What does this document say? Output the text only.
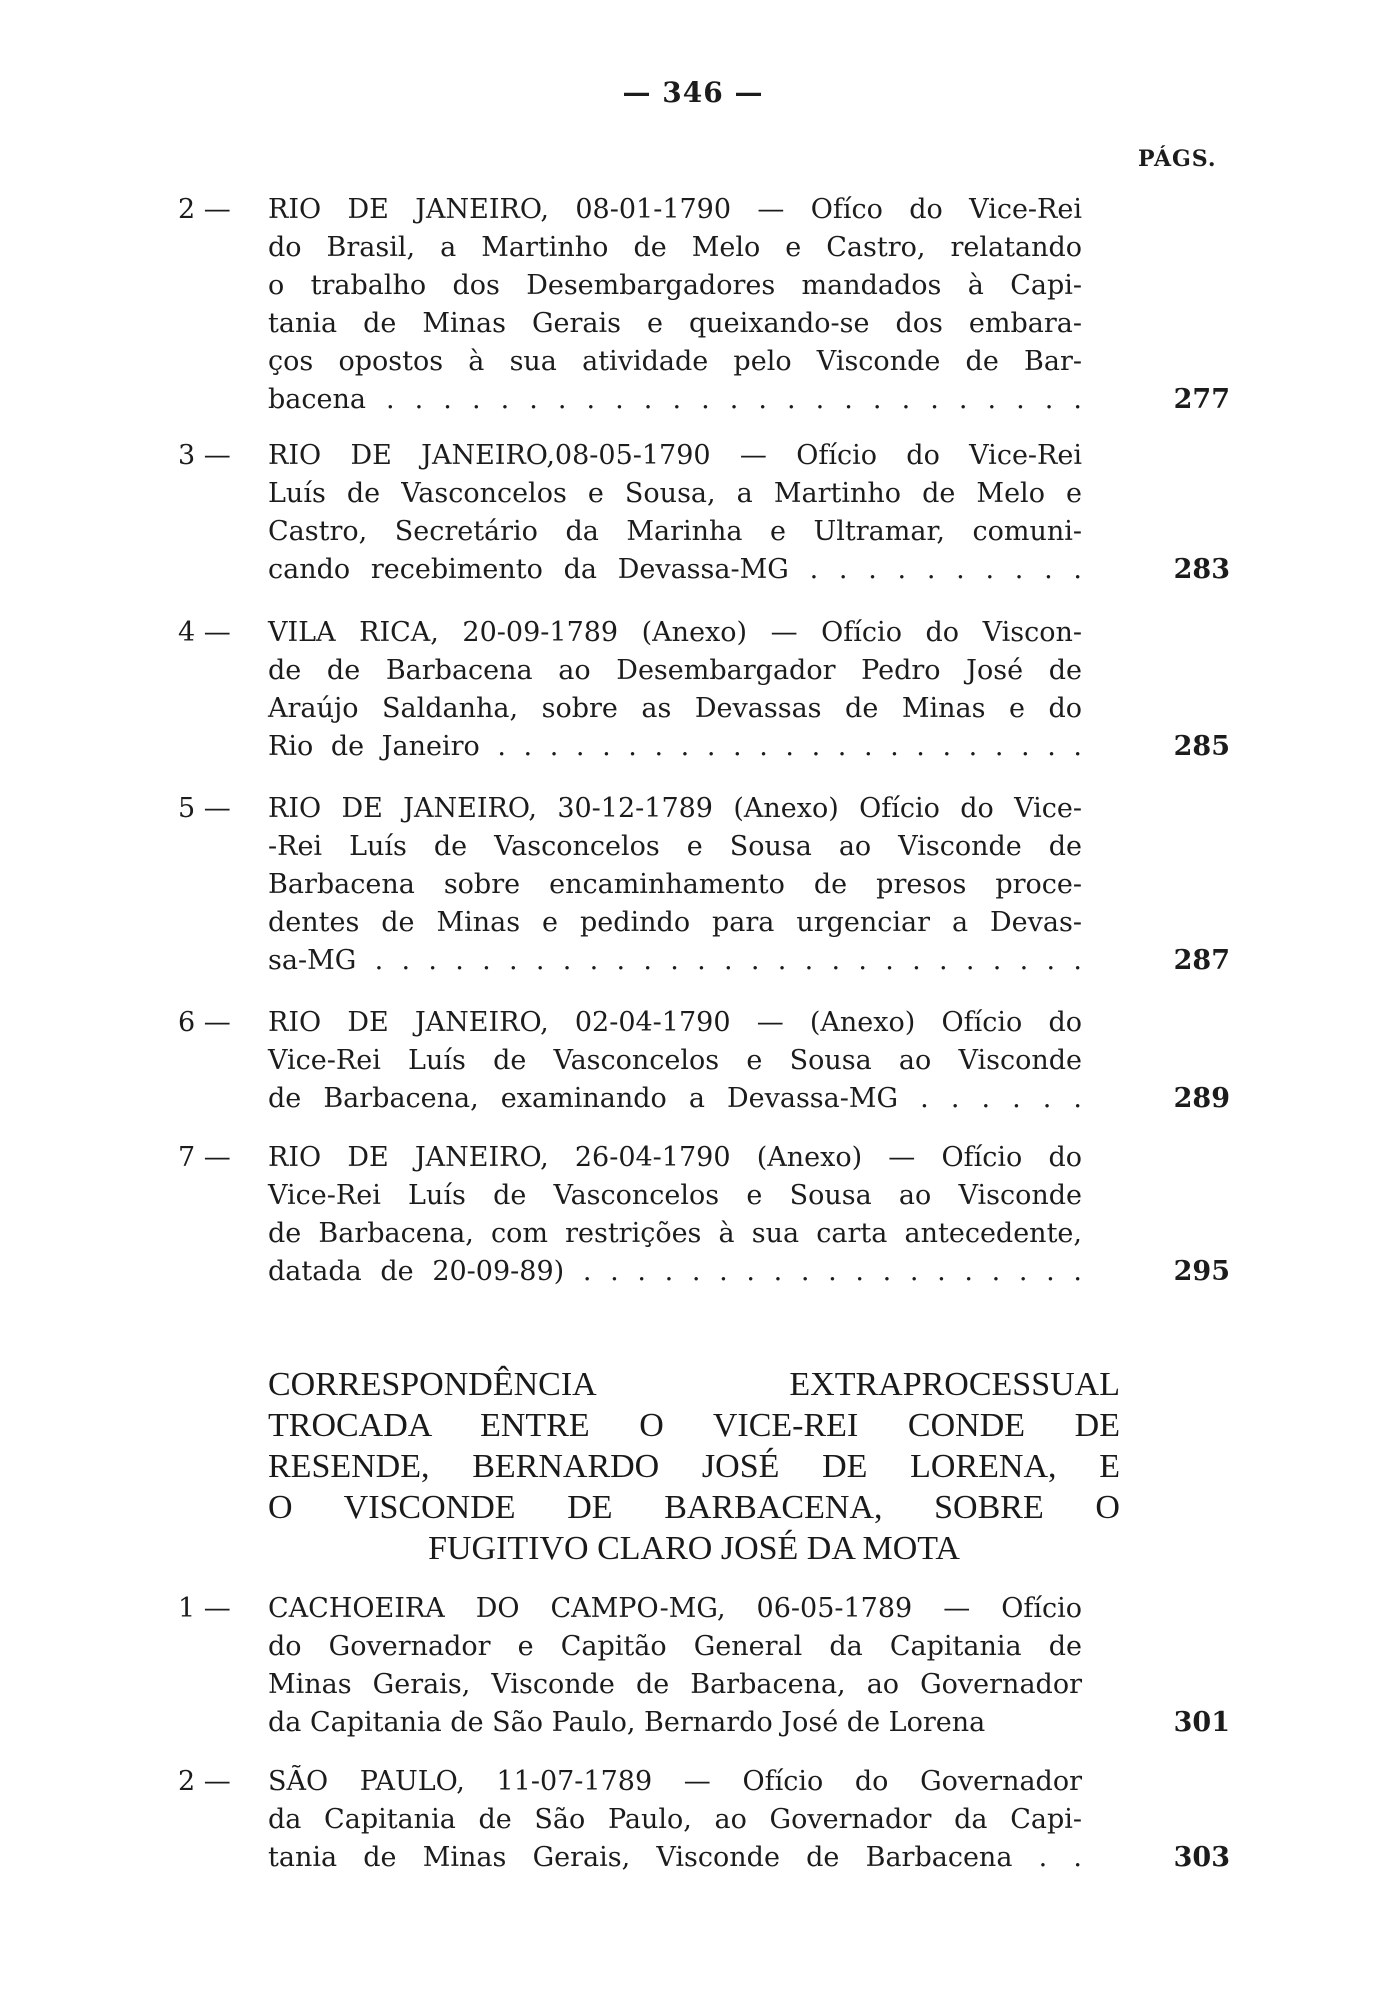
— 346 —
PÁGS.
2 — RIO DE JANEIRO, 08-01-1790 — Ofíco do Vice-Rei
do Brasil, a Martinho de Melo e Castro, relatando
o trabalho dos Desembargadores mandados à Capi-
tania de Minas Gerais e queixando-se dos embara-
ços opostos à sua atividade pelo Visconde de Bar-
bacena . . . . . . . . . . . . . . . . . . . . . . . . .	277
3 — RIO DE JANEIRO,08-05-1790 — Ofício do Vice-Rei
Luís de Vasconcelos e Sousa, a Martinho de Melo e
Castro, Secretário da Marinha e Ultramar, comuni-
cando recebimento da Devassa-MG . . . . . . . . . .	283
4 — VILA RICA, 20-09-1789 (Anexo) — Ofício do Viscon-
de de Barbacena ao Desembargador Pedro José de
Araújo Saldanha, sobre as Devassas de Minas e do
Rio de Janeiro . . . . . . . . . . . . . . . . . . . . . . .	285
5 — RIO DE JANEIRO, 30-12-1789 (Anexo) Ofício do Vice-
-Rei Luís de Vasconcelos e Sousa ao Visconde de
Barbacena sobre encaminhamento de presos proce-
dentes de Minas e pedindo para urgenciar a Devas-
sa-MG . . . . . . . . . . . . . . . . . . . . . . . . . . .	287
6 — RIO DE JANEIRO, 02-04-1790 — (Anexo) Ofício do
Vice-Rei Luís de Vasconcelos e Sousa ao Visconde
de Barbacena, examinando a Devassa-MG . . . . . .	289
7 — RIO DE JANEIRO, 26-04-1790 (Anexo) — Ofício do
Vice-Rei Luís de Vasconcelos e Sousa ao Visconde
de Barbacena, com restrições à sua carta antecedente,
datada de 20-09-89) . . . . . . . . . . . . . . . . . . .	295
CORRESPONDÊNCIA EXTRAPROCESSUAL
TROCADA ENTRE O VICE-REI CONDE DE
RESENDE, BERNARDO JOSÉ DE LORENA, E
O VISCONDE DE BARBACENA, SOBRE O
FUGITIVO CLARO JOSÉ DA MOTA
1 — CACHOEIRA DO CAMPO-MG, 06-05-1789 — Ofício
do Governador e Capitão General da Capitania de
Minas Gerais, Visconde de Barbacena, ao Governador
da Capitania de São Paulo, Bernardo José de Lorena	301
2 — SÃO PAULO, 11-07-1789 — Ofício do Governador
da Capitania de São Paulo, ao Governador da Capi-
tania de Minas Gerais, Visconde de Barbacena . .	303
